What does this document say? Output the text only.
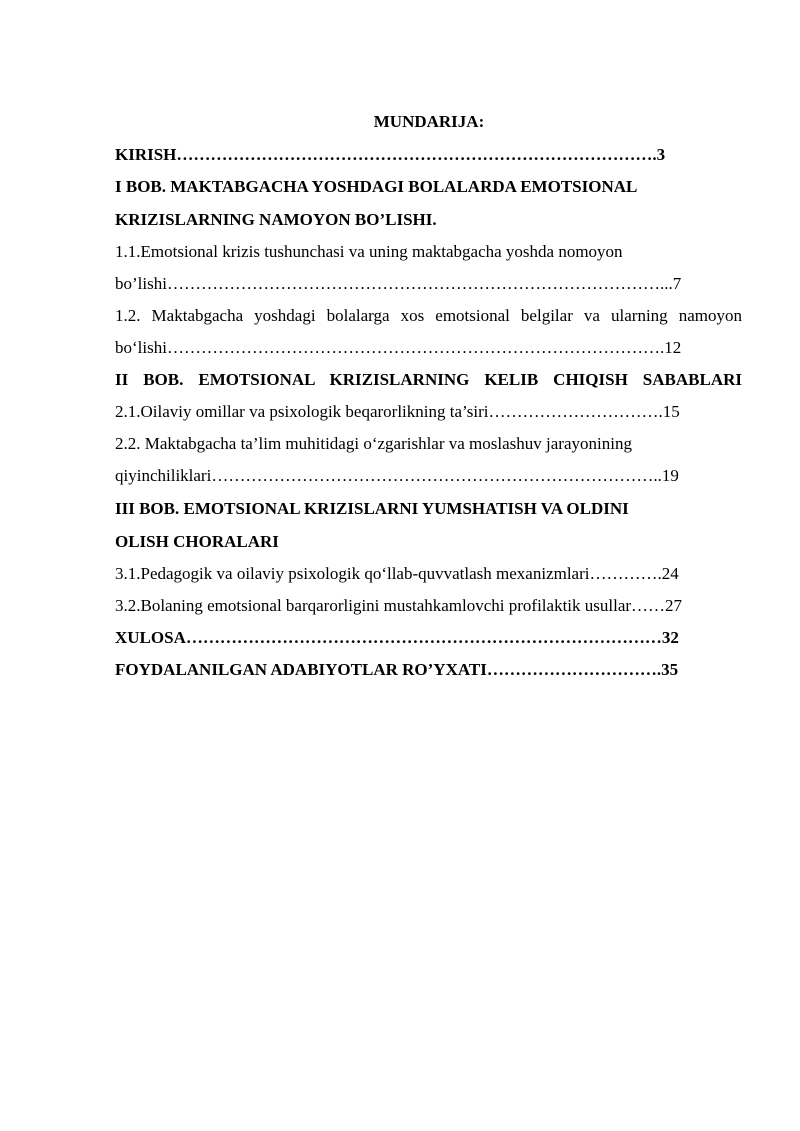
MUNDARIJA:
KIRISH………………………………………………………………………….3
I BOB. MAKTABGACHA YOSHDAGI BOLALARDA EMOTSIONAL
KRIZISLARNING NAMOYON BO’LISHI.
1.1.Emotsional krizis tushunchasi va uning maktabgacha yoshda nomoyon
bo’lishi……………………………………………………………………………...7
1.2. Maktabgacha yoshdagi bolalarga xos emotsional belgilar va ularning namoyon
bo‘lishi…………………………………………………………………………….12
II BOB. EMOTSIONAL KRIZISLARNING KELIB CHIQISH SABABLARI
2.1.Oilaviy omillar va psixologik beqarorlikning ta’siri………………………….15
2.2. Maktabgacha ta’lim muhitidagi o‘zgarishlar va moslashuv jarayonining
qiyinchiliklari……………………………………………………………………..19
III BOB. EMOTSIONAL KRIZISLARNI YUMSHATISH VA OLDINI
OLISH CHORALARI
3.1.Pedagogik va oilaviy psixologik qo‘llab-quvvatlash mexanizmlari………….24
3.2.Bolaning emotsional barqarorligini mustahkamlovchi profilaktik usullar……27
XULOSA…………………………………………………………………………32
FOYDALANILGAN ADABIYOTLAR RO’YXATI………………………….35
